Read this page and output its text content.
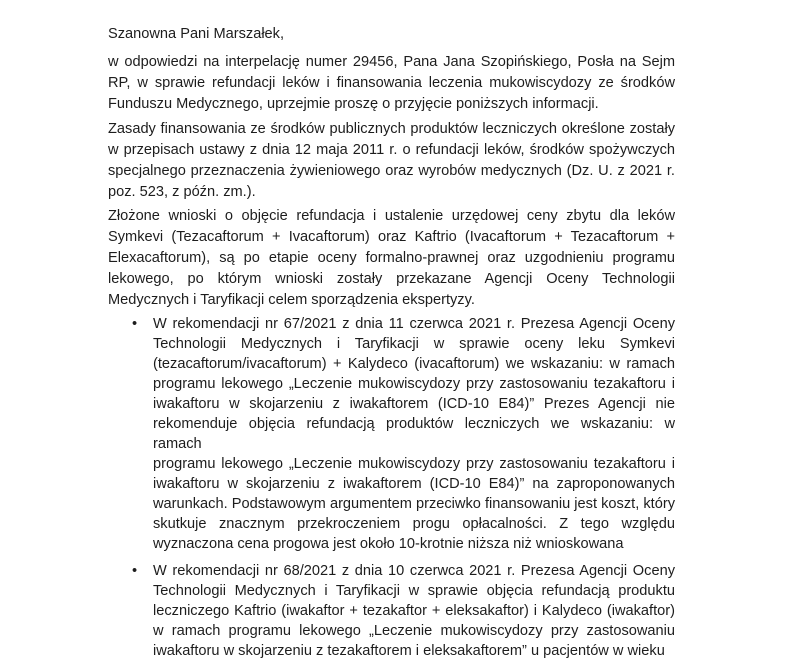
Szanowna Pani Marszałek,
w odpowiedzi na interpelację numer 29456, Pana Jana Szopińskiego, Posła na Sejm
RP, w sprawie refundacji leków i finansowania leczenia mukowiscydozy ze środków
Funduszu Medycznego, uprzejmie proszę o przyjęcie poniższych informacji.
Zasady finansowania ze środków publicznych produktów leczniczych określone zostały
w przepisach ustawy z dnia 12 maja 2011 r. o refundacji leków, środków spożywczych
specjalnego przeznaczenia żywieniowego oraz wyrobów medycznych (Dz. U. z 2021 r.
poz. 523, z późn. zm.).
Złożone wnioski o objęcie refundacja i ustalenie urzędowej ceny zbytu dla leków
Symkevi (Tezacaftorum + Ivacaftorum) oraz Kaftrio (Ivacaftorum + Tezacaftorum +
Elexacaftorum), są po etapie oceny formalno-prawnej oraz uzgodnieniu programu
lekowego, po którym wnioski zostały przekazane Agencji Oceny Technologii
Medycznych i Taryfikacji celem sporządzenia ekspertyzy.
•	W rekomendacji nr 67/2021 z dnia 11 czerwca 2021 r. Prezesa Agencji Oceny
Technologii Medycznych i Taryfikacji w sprawie oceny leku Symkevi
(tezacaftorum/ivacaftorum) + Kalydeco (ivacaftorum) we wskazaniu: w ramach
programu lekowego „Leczenie mukowiscydozy przy zastosowaniu tezakaftoru i
iwakaftoru w skojarzeniu z iwakaftorem (ICD-10 E84)” Prezes Agencji nie
rekomenduje objęcia refundacją produktów leczniczych we wskazaniu: w ramach
programu lekowego „Leczenie mukowiscydozy przy zastosowaniu tezakaftoru i
iwakaftoru w skojarzeniu z iwakaftorem (ICD-10 E84)” na zaproponowanych
warunkach. Podstawowym argumentem przeciwko finansowaniu jest koszt, który
skutkuje znacznym przekroczeniem progu opłacalności. Z tego względu
wyznaczona cena progowa jest około 10-krotnie niższa niż wnioskowana
•	W rekomendacji nr 68/2021 z dnia 10 czerwca 2021 r. Prezesa Agencji Oceny
Technologii Medycznych i Taryfikacji w sprawie objęcia refundacją produktu
leczniczego Kaftrio (iwakaftor + tezakaftor + eleksakaftor) i Kalydeco (iwakaftor)
w ramach programu lekowego „Leczenie mukowiscydozy przy zastosowaniu
iwakaftoru w skojarzeniu z tezakaftorem i eleksakaftorem” u pacjentów w wieku
